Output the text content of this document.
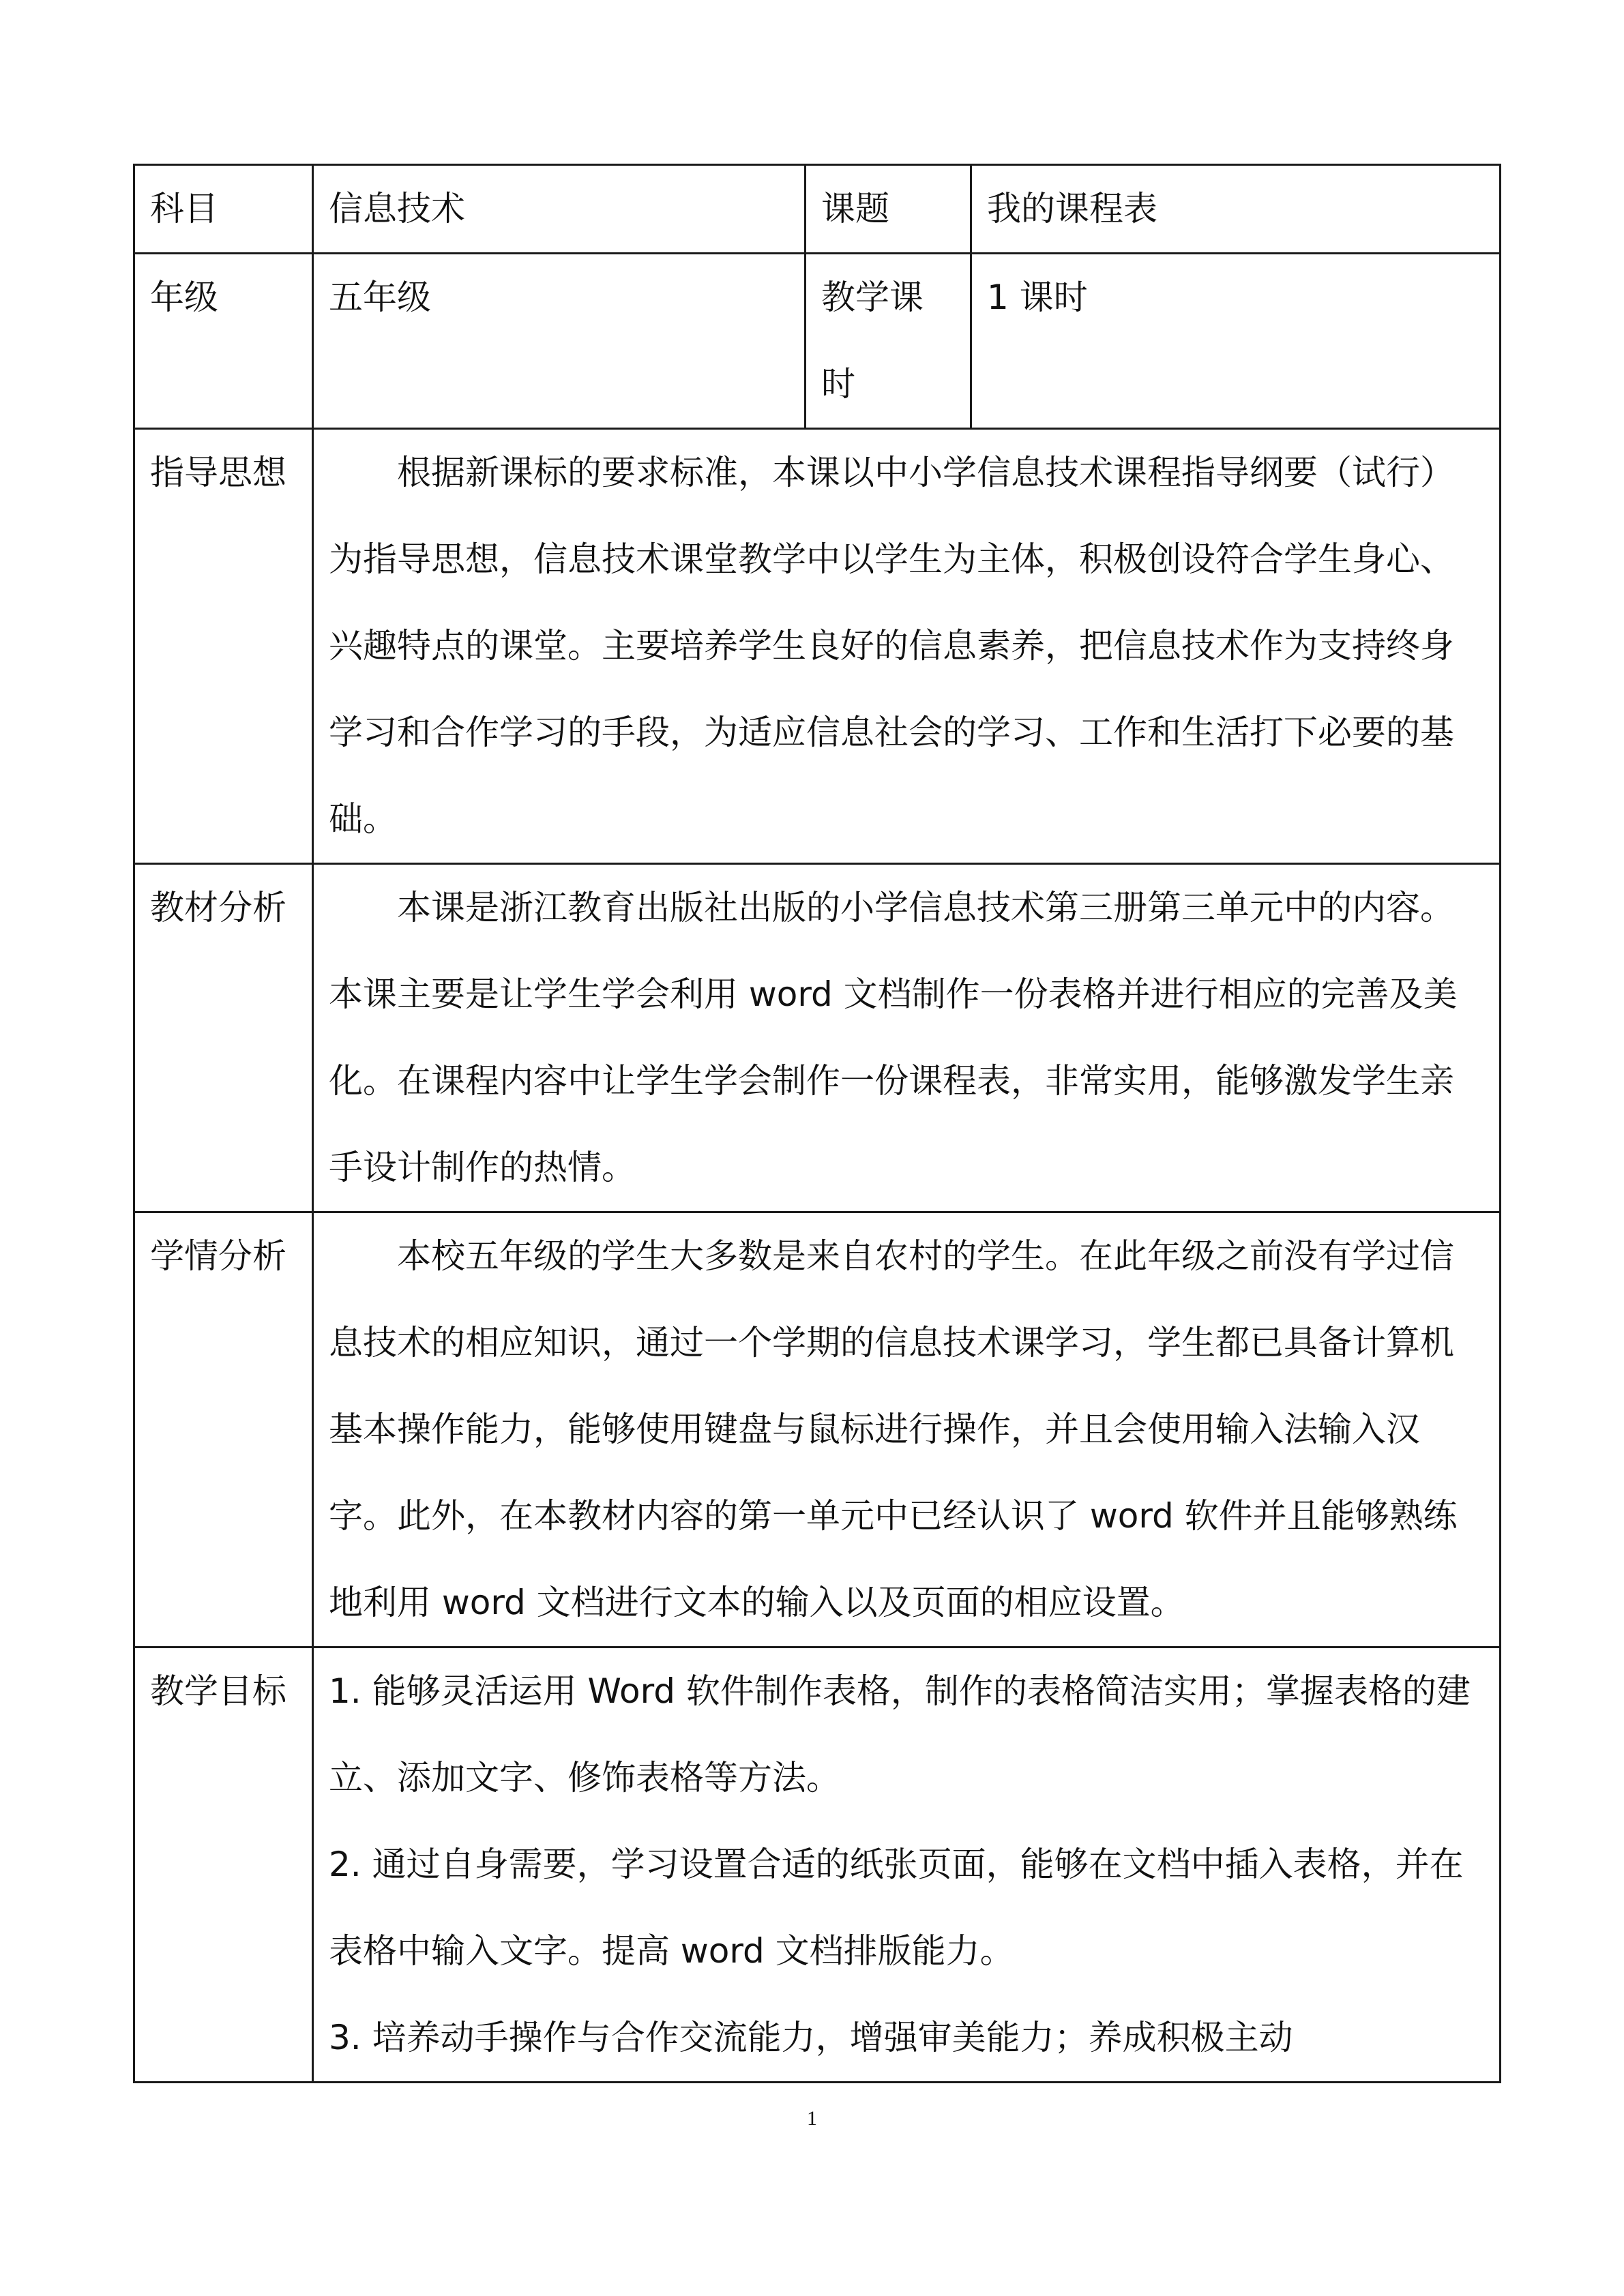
科目	信息技术	课题	我的课程表
年级	五年级	教学课时	1 课时
指导思想	根据新课标的要求标准，本课以中小学信息技术课程指导纲要（试行）为指导思想，信息技术课堂教学中以学生为主体，积极创设符合学生身心、兴趣特点的课堂。主要培养学生良好的信息素养，把信息技术作为支持终身学习和合作学习的手段，为适应信息社会的学习、工作和生活打下必要的基础。		
教材分析	本课是浙江教育出版社出版的小学信息技术第三册第三单元中的内容。本课主要是让学生学会利用 word 文档制作一份表格并进行相应的完善及美化。在课程内容中让学生学会制作一份课程表，非常实用，能够激发学生亲手设计制作的热情。		
学情分析	本校五年级的学生大多数是来自农村的学生。在此年级之前没有学过信息技术的相应知识，通过一个学期的信息技术课学习，学生都已具备计算机基本操作能力，能够使用键盘与鼠标进行操作，并且会使用输入法输入汉字。此外，在本教材内容的第一单元中已经认识了 word 软件并且能够熟练地利用 word 文档进行文本的输入以及页面的相应设置。		
教学目标	1. 能够灵活运用 Word 软件制作表格，制作的表格简洁实用；掌握表格的建立、添加文字、修饰表格等方法。

2. 通过自身需要，学习设置合适的纸张页面，能够在文档中插入表格，并在表格中输入文字。提高 word 文档排版能力。

3. 培养动手操作与合作交流能力，增强审美能力；养成积极主动		

1
